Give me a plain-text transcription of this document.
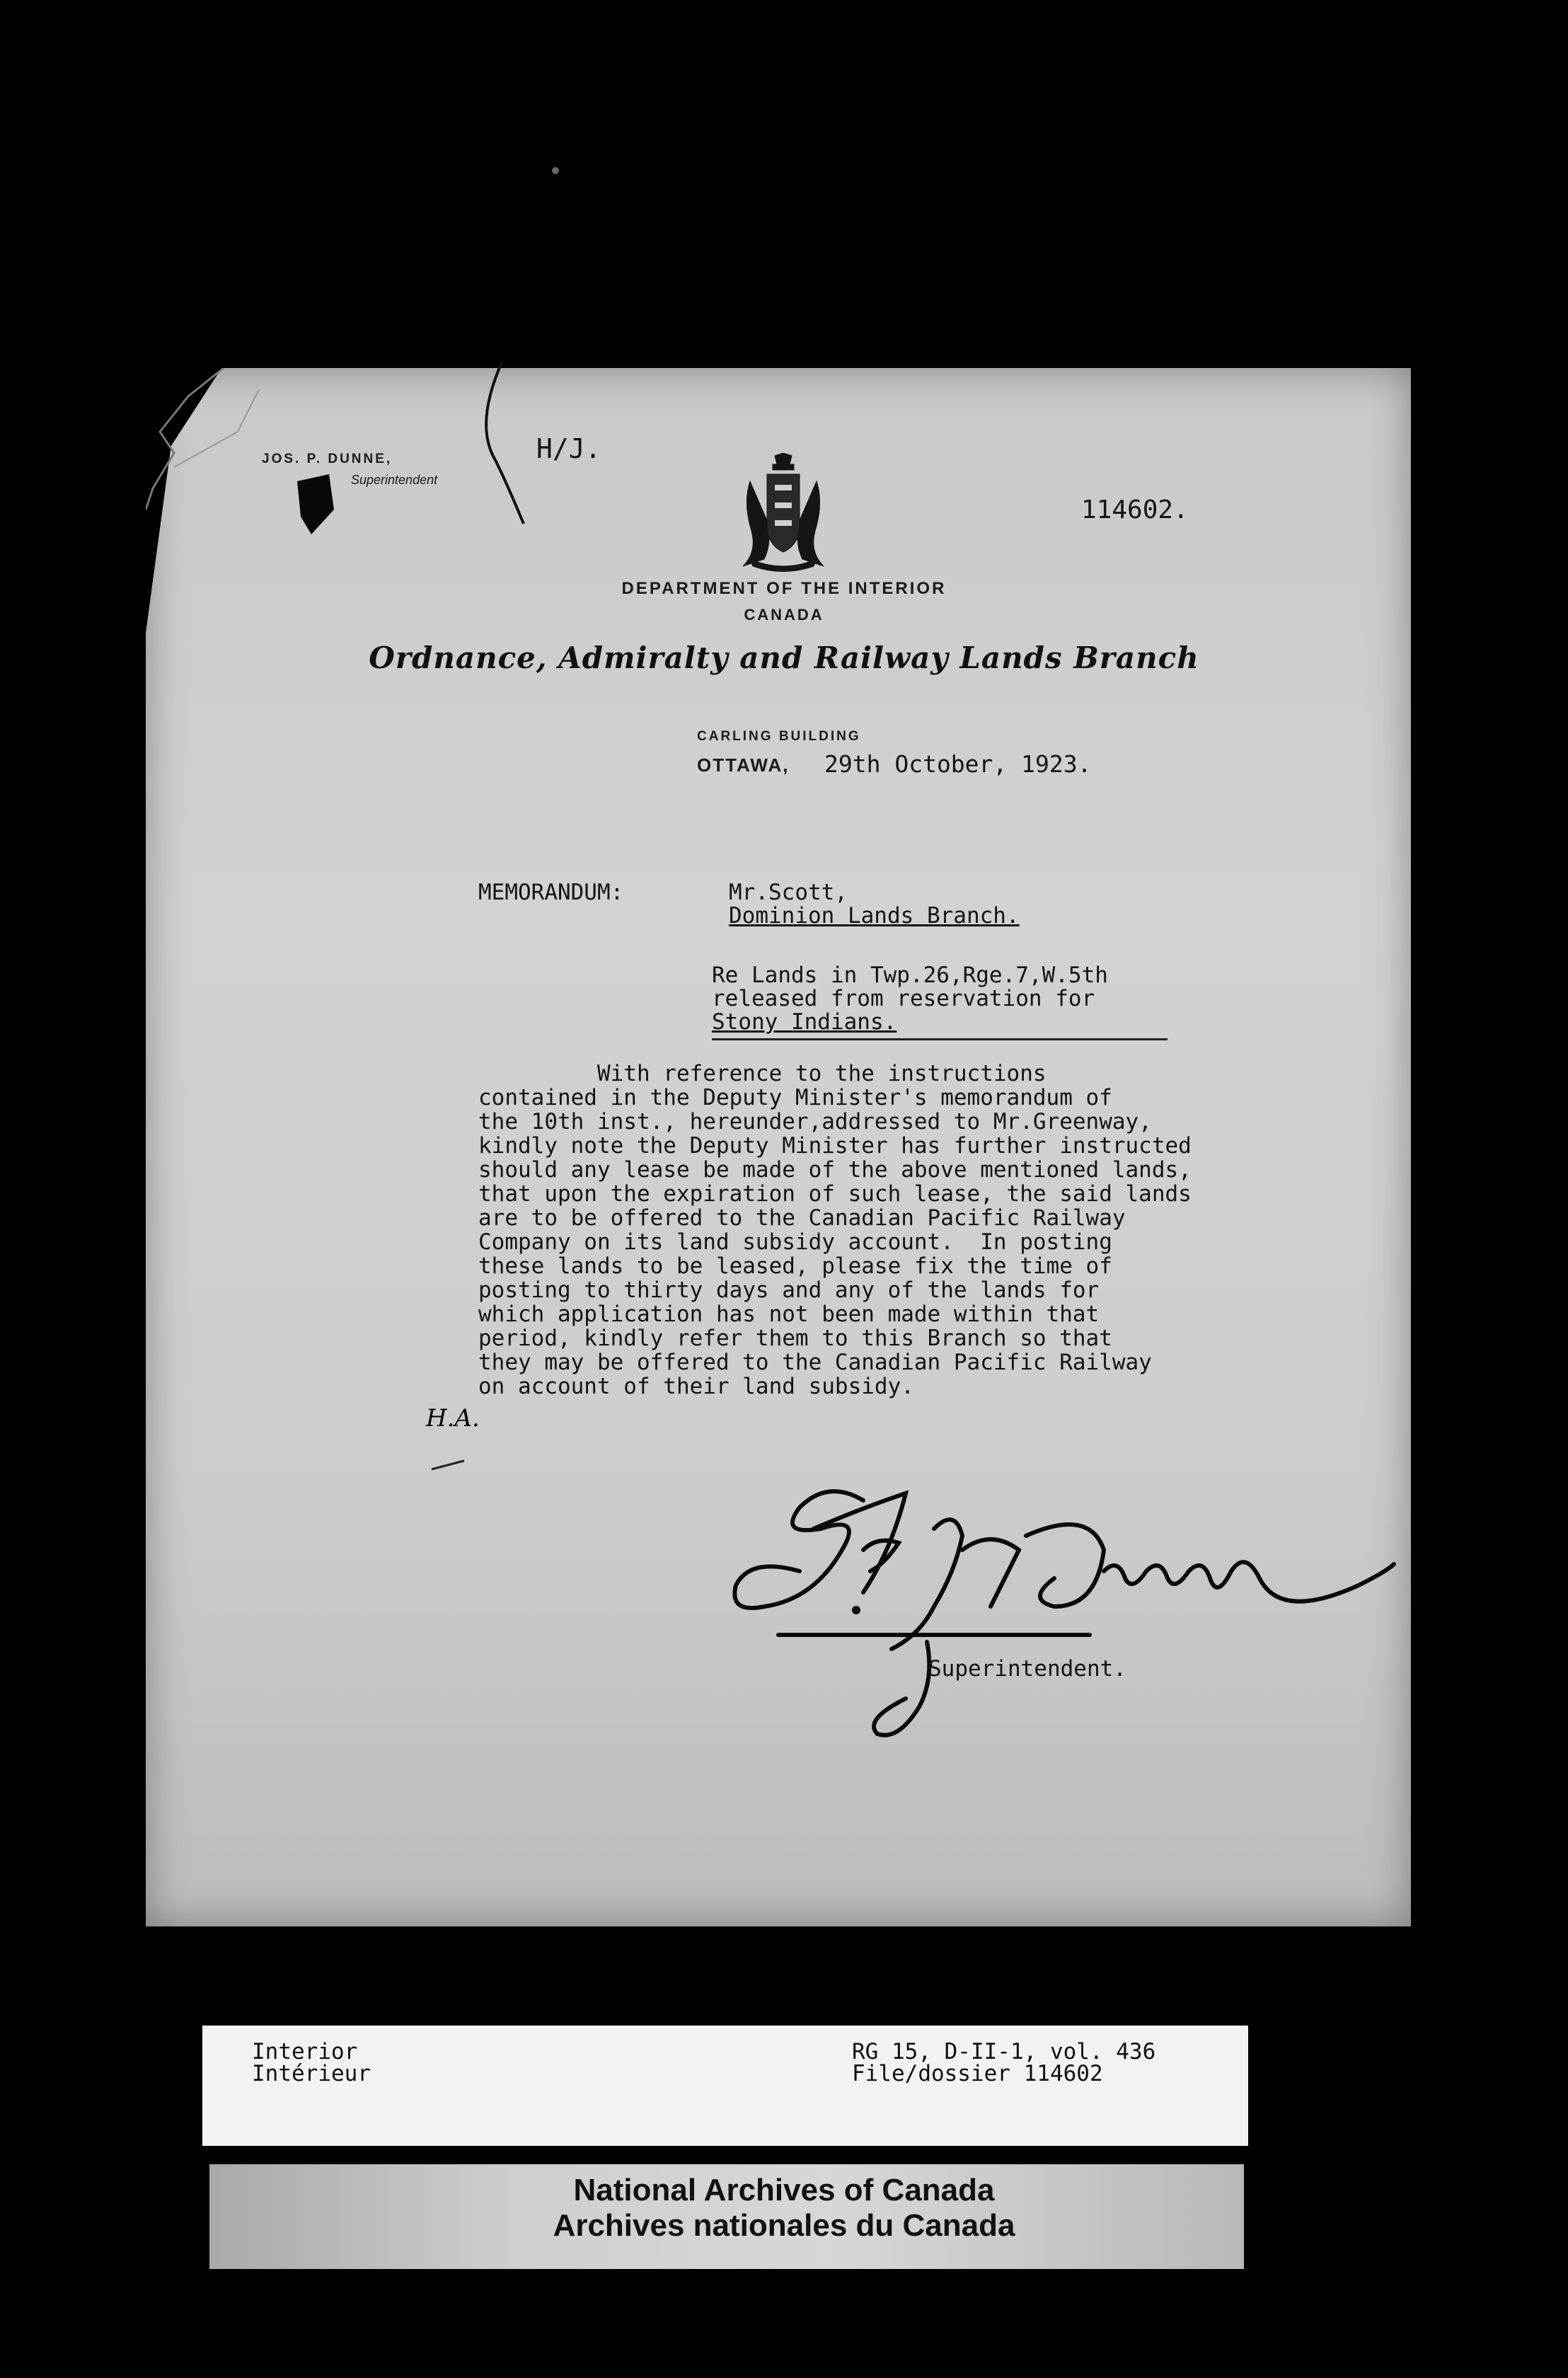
JOS. P. DUNNE,
Superintendent
H/J.
114602.
DEPARTMENT OF THE INTERIOR
CANADA
Ordnance, Admiralty and Railway Lands Branch
CARLING BUILDING
OTTAWA, 29th October, 1923.
MEMORANDUM:	Mr.Scott,
Dominion Lands Branch.
Re Lands in Twp.26,Rge.7,W.5th
released from reservation for
Stony Indians.
With reference to the instructions
contained in the Deputy Minister's memorandum of
the 10th inst., hereunder,addressed to Mr.Greenway,
kindly note the Deputy Minister has further instructed
should any lease be made of the above mentioned lands,
that upon the expiration of such lease, the said lands
are to be offered to the Canadian Pacific Railway
Company on its land subsidy account.  In posting
these lands to be leased, please fix the time of
posting to thirty days and any of the lands for
which application has not been made within that
period, kindly refer them to this Branch so that
they may be offered to the Canadian Pacific Railway
on account of their land subsidy.
H.A.
Superintendent.
Interior
Intérieur
RG 15, D-II-1, vol. 436
File/dossier 114602
National Archives of Canada
Archives nationales du Canada
